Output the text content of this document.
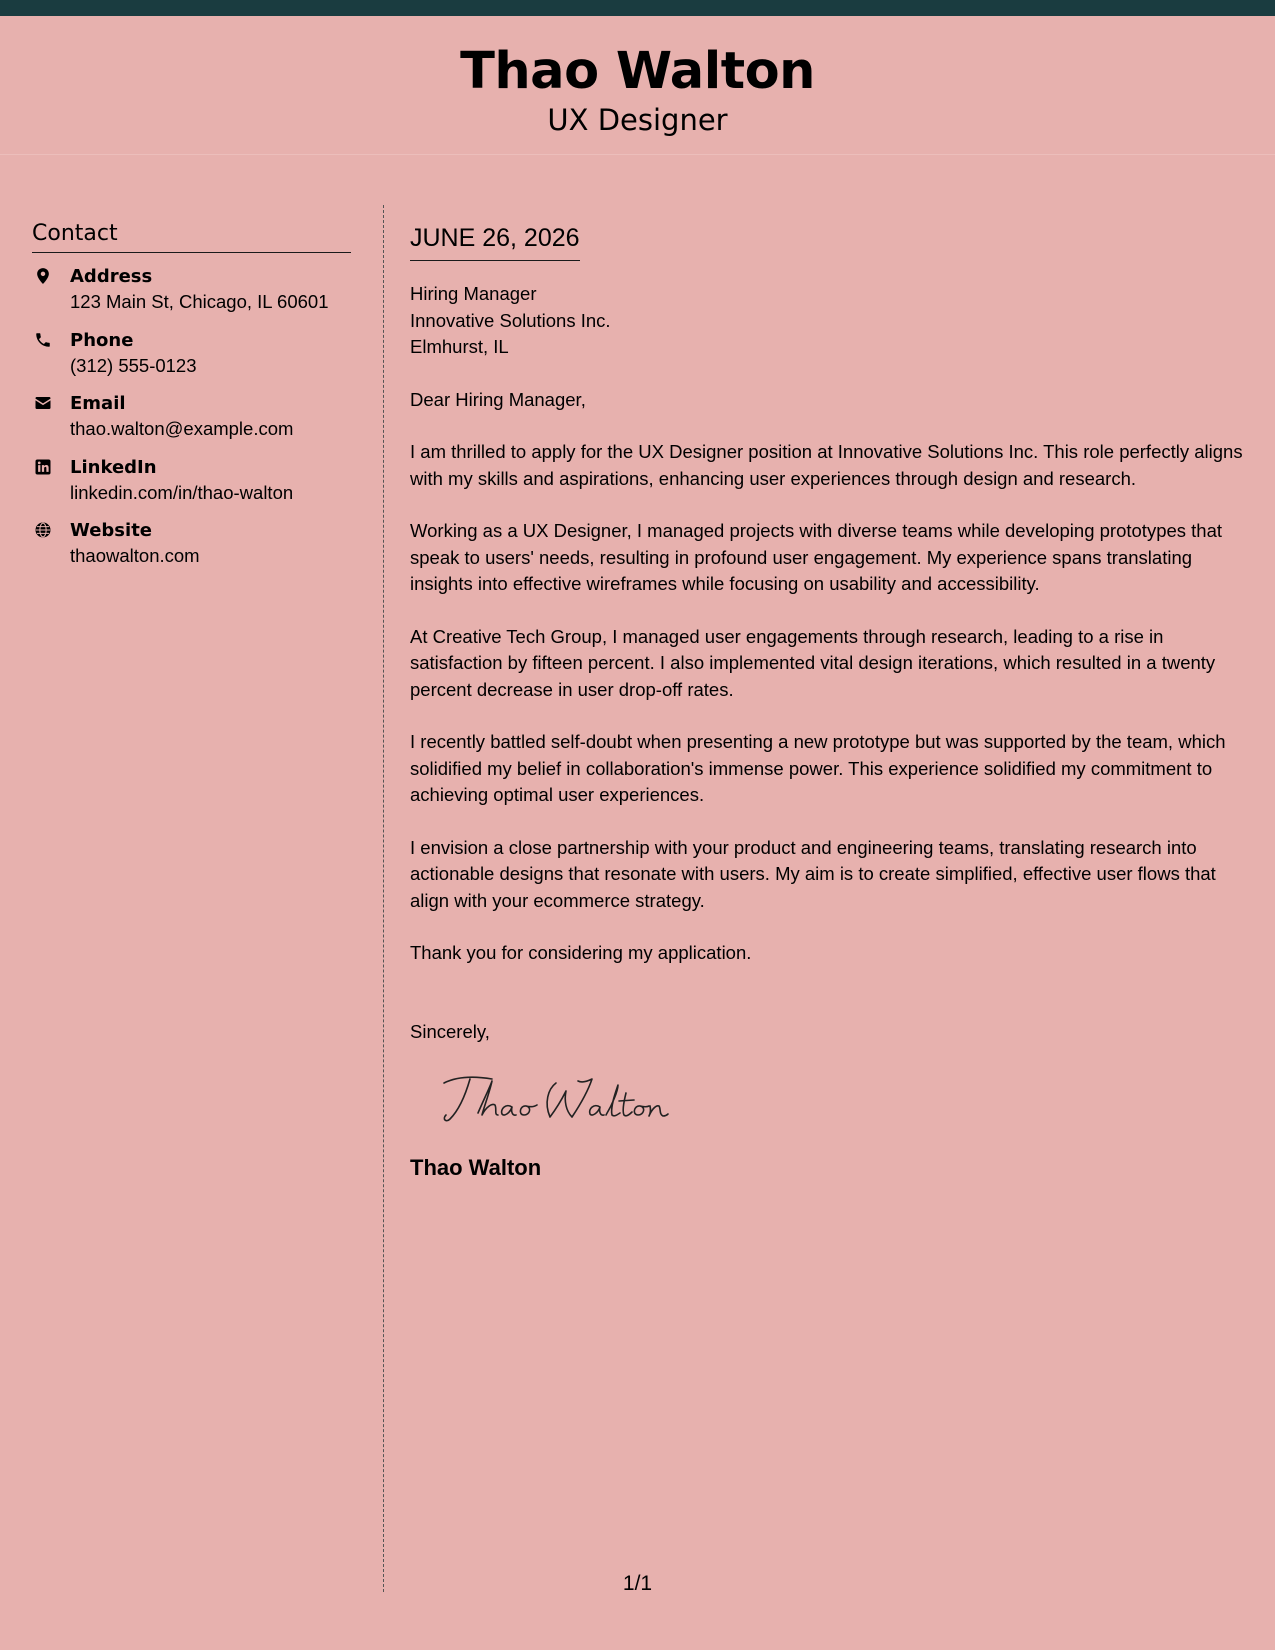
Thao Walton
UX Designer
Contact
Address
123 Main St, Chicago, IL 60601
Phone
(312) 555-0123
Email
thao.walton@example.com
LinkedIn
linkedin.com/in/thao-walton
Website
thaowalton.com
JUNE 26, 2026
Hiring Manager
Innovative Solutions Inc.
Elmhurst, IL
Dear Hiring Manager,
I am thrilled to apply for the UX Designer position at Innovative Solutions Inc. This role perfectly aligns with my skills and aspirations, enhancing user experiences through design and research.
Working as a UX Designer, I managed projects with diverse teams while developing prototypes that speak to users' needs, resulting in profound user engagement. My experience spans translating insights into effective wireframes while focusing on usability and accessibility.
At Creative Tech Group, I managed user engagements through research, leading to a rise in satisfaction by fifteen percent. I also implemented vital design iterations, which resulted in a twenty percent decrease in user drop-off rates.
I recently battled self-doubt when presenting a new prototype but was supported by the team, which solidified my belief in collaboration's immense power. This experience solidified my commitment to achieving optimal user experiences.
I envision a close partnership with your product and engineering teams, translating research into actionable designs that resonate with users. My aim is to create simplified, effective user flows that align with your ecommerce strategy.
Thank you for considering my application.
Sincerely,
Thao Walton
1/1
